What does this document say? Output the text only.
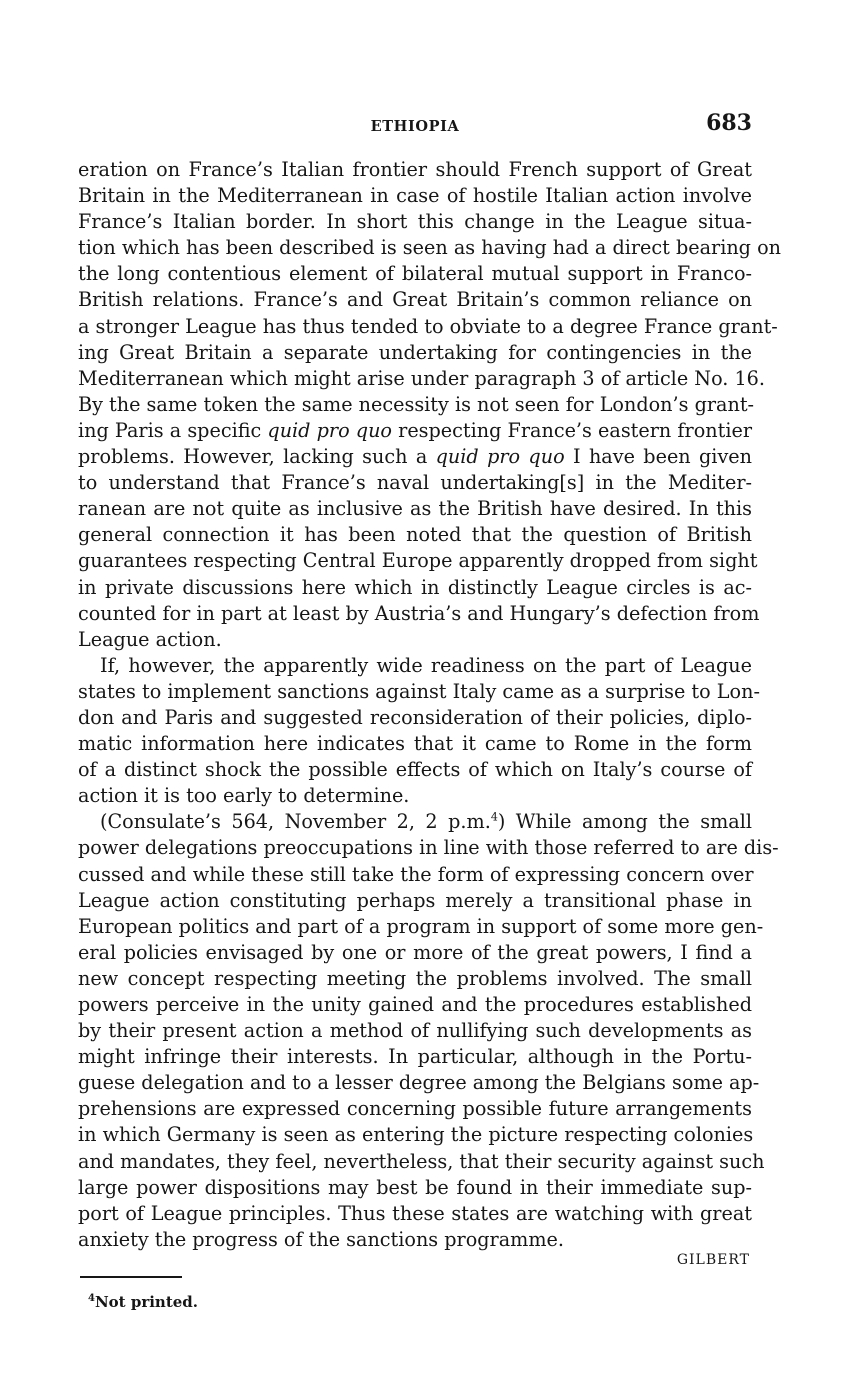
ETHIOPIA	683
eration on France’s Italian frontier should French support of Great
Britain in the Mediterranean in case of hostile Italian action involve
France’s Italian border. In short this change in the League situa-
tion which has been described is seen as having had a direct bearing on
the long contentious element of bilateral mutual support in Franco-
British relations. France’s and Great Britain’s common reliance on
a stronger League has thus tended to obviate to a degree France grant-
ing Great Britain a separate undertaking for contingencies in the
Mediterranean which might arise under paragraph 3 of article No. 16.
By the same token the same necessity is not seen for London’s grant-
ing Paris a specific quid pro quo respecting France’s eastern frontier
problems. However, lacking such a quid pro quo I have been given
to understand that France’s naval undertaking[s] in the Mediter-
ranean are not quite as inclusive as the British have desired. In this
general connection it has been noted that the question of British
guarantees respecting Central Europe apparently dropped from sight
in private discussions here which in distinctly League circles is ac-
counted for in part at least by Austria’s and Hungary’s defection from
League action.
If, however, the apparently wide readiness on the part of League
states to implement sanctions against Italy came as a surprise to Lon-
don and Paris and suggested reconsideration of their policies, diplo-
matic information here indicates that it came to Rome in the form
of a distinct shock the possible effects of which on Italy’s course of
action it is too early to determine.
(Consulate’s 564, November 2, 2 p.m.$^4$) While among the small
power delegations preoccupations in line with those referred to are dis-
cussed and while these still take the form of expressing concern over
League action constituting perhaps merely a transitional phase in
European politics and part of a program in support of some more gen-
eral policies envisaged by one or more of the great powers, I find a
new concept respecting meeting the problems involved. The small
powers perceive in the unity gained and the procedures established
by their present action a method of nullifying such developments as
might infringe their interests. In particular, although in the Portu-
guese delegation and to a lesser degree among the Belgians some ap-
prehensions are expressed concerning possible future arrangements
in which Germany is seen as entering the picture respecting colonies
and mandates, they feel, nevertheless, that their security against such
large power dispositions may best be found in their immediate sup-
port of League principles. Thus these states are watching with great
anxiety the progress of the sanctions programme.
GILBERT
$^4$Not printed.
